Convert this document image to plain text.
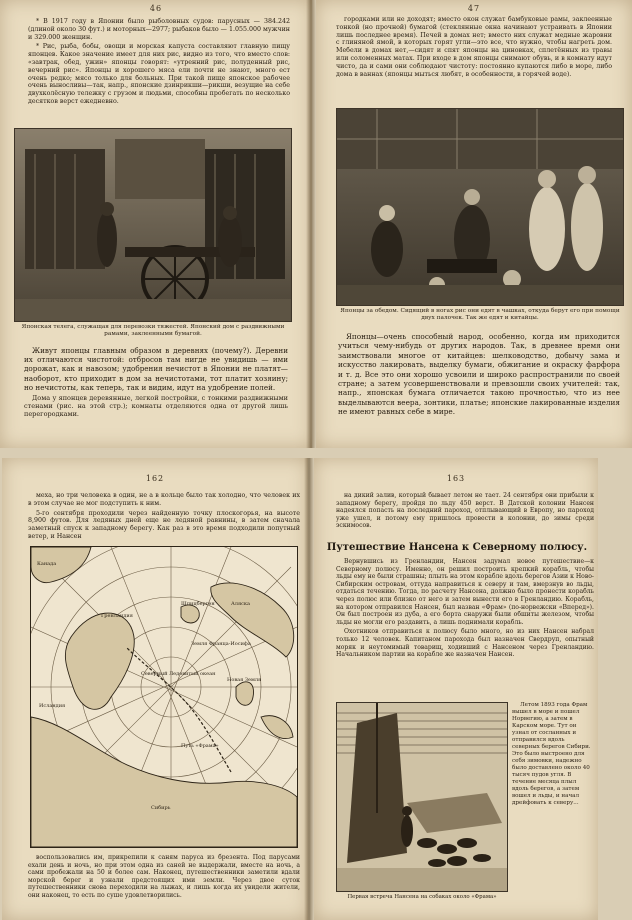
46

* В 1917 году в Японии было рыболовных судов: парусных — 384.242 (длиной около 30 фут.) и моторных—2977; рыбаков было — 1.055.000 мужчин и 329.000 женщин.

* Рис, рыба, бобы, овощи и морская капуста составляют главную пищу японцев. Какое значение имеет для них рис, видно из того, что вместо слов: «завтрак, обед, ужин» японцы говорят: «утренний рис, полуденный рис, вечерний рис». Японцы и хорошего мяса ели почти не знают, много ест очень редко; мясо только для больных. При такой пище японское рабочее очень выносливы—так, напр., японские дзинрикши—рикши, везущие на себе двухколёсную тележку с грузом и людьми, способны пробегать по несколько десятков верст ежедневно.

Японская телега, служащая для перевозки тяжестей. Японский дом с раздвижными рамами, заклеенными бумагой.

Живут японцы главным образом в деревнях (почему?). Деревни их отличаются чистотой: отбросов там нигде не увидишь — ими дорожат, как и навозом; удобрения нечистот в Японии не платят—наоборот, кто приходит в дом за нечистотами, тот платит хозяину; но нечистоты, как теперь, так и видим, идут на удобрение полей.

Дома у японцев деревянные, легкой постройки, с тонкими раздвижными стенами (рис. на этой стр.); комнаты отделяются одна от другой лишь перегородками.

47

городками или не доходят; вместо окон служат бамбуковые рамы, заклеенные тонкой (но прочной) бумагой (стеклянные окна начинают устраивать в Японии лишь последнее время). Печей в домах нет; вместо них служат медные жаровни с глиняной ямой, в которых горят угли—это все, что нужно, чтобы нагреть дом. Мебели в домах нет,—сидят и спят японцы на циновках, сплетённых из травы или соломенных матах. При входе в дом японцы снимают обувь, и в комнату идут чисто, да и сами они соблюдают чистоту: постоянно купаются либо в море, либо дома в ваннах (японцы мыться любят, в особенности, в горячей воде).

Японцы за обедом. Сидящий в ногах рис они едят в чашках, откуда берут его при помощи двух палочек. Так же едят и китайцы.

Японцы—очень способный народ, особенно, когда им приходится учиться чему-нибудь от других народов. Так, в древнее время они заимствовали многое от китайцев: шелководство, добычу зама и искусство лакировать, выделку бумаги, обжигание и окраску фарфора и т. д. Все это они хорошо усвоили и широко распространили по своей стране; а затем усовершенствовали и превзошли своих учителей: так, напр., японская бумага отличается такою прочностью, что из нее выделываются веера, зонтики, платье; японские лакированные изделия не имеют равных себе в мире.

162

меха, но три человека в один, не а в кольце было так холодно, что человек их в этом случае не мог подступить к ним.

5-го сентября проходили через найденную точку плоскогорья, на высоте 8,900 футов. Для ледяных дней еще не ледяной равнины, в затем сначала заметный спуск к западному берегу. Как раз в это время подходили попутный ветер, и Нансен

Гренландия
Северный Ледовитый океан
Шпицберген
Земля Франца-Иосифа
Новая Земля
Сибирь
Аляска
Канада
Исландия
Путь «Фрама»

воспользовались им, прикрепили к саням паруса из брезента. Под парусами ехали день и ночь, но при этом одна из саней не выдержали, вместе на ночь, а сами пробежали на 50 и более сам. Наконец, путешественники заметили вдали морской берег и узнали предстоящих ими земли. Через двое суток путешественники снова переходили на лыжах, и лишь когда их увидели жители, они наконец, то есть по суше удовлетворились.

163

на дикий залив, который бывает летом не тает. 24 сентября они прибыли к западному берегу, пройдя по льду 450 верст. В Датской колонии Нансен надеялся попасть на последний пароход, отплывающий в Европу, но пароход уже ушел, и потому ему пришлось провести в колонии, до зимы среди эскимосов.

Путешествие Нансена к Северному полюсу.

Вернувшись из Гренландии, Нансен задумал новое путешествие—к Северному полюсу. Именно, он решил построить крепкий корабль, чтобы льды ему не были страшны; плыть на этом корабле вдоль берегов Азии к Ново-Сибирским островам, оттуда направиться к северу и там, вмерзнув во льды, отдаться течению. Тогда, по расчету Нансена, должно было пронести корабль через полюс или близко от него и затем вынести его в Гренландию. Корабль, на котором отправился Нансен, был назван «Фрам» (по-норвежски «Вперед»). Он был построен из дуба, а его борта снаружи были обшиты железом, чтобы льды не могли его раздавить, а лишь поднимали корабль.

Охотников отправиться к полюсу было много, но из них Нансен набрал только 12 человек. Капитаном парохода был назначен Свердруп, опытный моряк и неутомимый товарищ, ходивший с Нансеном через Гренландию. Начальником партии на корабле же назначен Нансен.

Первая встреча Нансена на собаках около «Фрама»

Летом 1893 года Фрам вышел в море и пошел Норвегию, а затем в Карском море. Тут он узнал от сосланных и отправился вдоль северных берегов Сибири. Это было выстроено для себя зимовки, надежно было доставлено около 40 тысяч пудов угля. В течение месяца плыл вдоль берегов, а затем вошел и льды, и начал дрейфовать к северу...
